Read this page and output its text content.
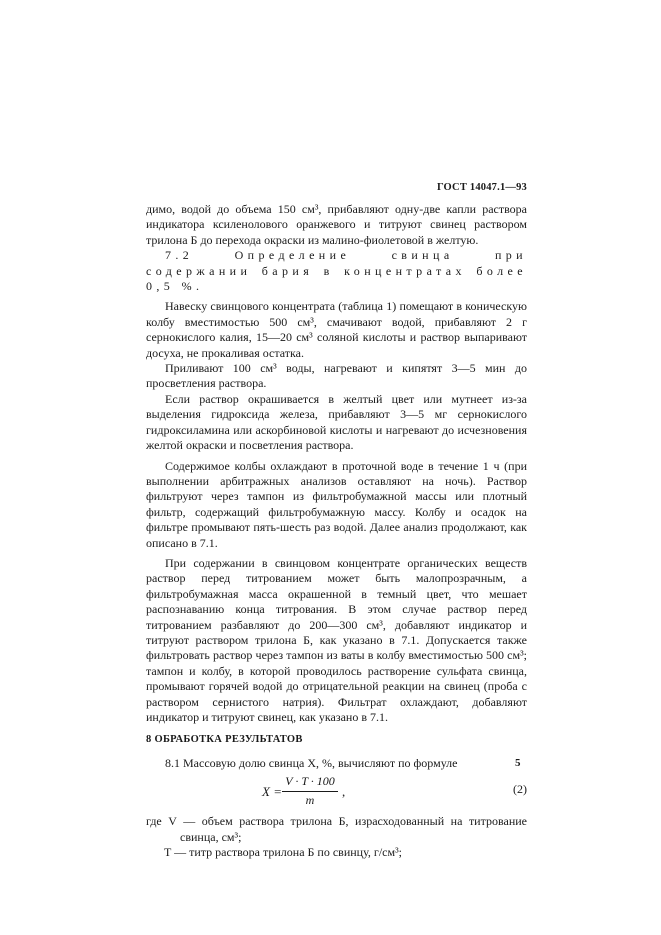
ГОСТ 14047.1—93

димо, водой до объема 150 см³, прибавляют одну-две капли раствора индикатора ксиленолового оранжевого и титруют свинец раствором трилона Б до перехода окраски из малино-фиолетовой в желтую.

7.2 Определение свинца при содержании бария в концентратах более 0,5 %.

Навеску свинцового концентрата (таблица 1) помещают в коническую колбу вместимостью 500 см³, смачивают водой, прибавляют 2 г сернокислого калия, 15—20 см³ соляной кислоты и раствор выпаривают досуха, не прокаливая остатка.

Приливают 100 см³ воды, нагревают и кипятят 3—5 мин до просветления раствора.

Если раствор окрашивается в желтый цвет или мутнеет из-за выделения гидроксида железа, прибавляют 3—5 мг сернокислого гидроксиламина или аскорбиновой кислоты и нагревают до исчезновения желтой окраски и посветления раствора.

Содержимое колбы охлаждают в проточной воде в течение 1 ч (при выполнении арбитражных анализов оставляют на ночь). Раствор фильтруют через тампон из фильтробумажной массы или плотный фильтр, содержащий фильтробумажную массу. Колбу и осадок на фильтре промывают пять-шесть раз водой. Далее анализ продолжают, как описано в 7.1.

При содержании в свинцовом концентрате органических веществ раствор перед титрованием может быть малопрозрачным, а фильтробумажная масса окрашенной в темный цвет, что мешает распознаванию конца титрования. В этом случае раствор перед титрованием разбавляют до 200—300 см³, добавляют индикатор и титруют раствором трилона Б, как указано в 7.1. Допускается также фильтровать раствор через тампон из ваты в колбу вместимостью 500 см³; тампон и колбу, в которой проводилось растворение сульфата свинца, промывают горячей водой до отрицательной реакции на свинец (проба с раствором сернистого натрия). Фильтрат охлаждают, добавляют индикатор и титруют свинец, как указано в 7.1.

8 ОБРАБОТКА РЕЗУЛЬТАТОВ

8.1 Массовую долю свинца X, %, вычисляют по формуле

$X = \frac{V \cdot T \cdot 100}{m}$ ,	(2)

где V — объем раствора трилона Б, израсходованный на титрование свинца, см³;
T — титр раствора трилона Б по свинцу, г/см³;

5
